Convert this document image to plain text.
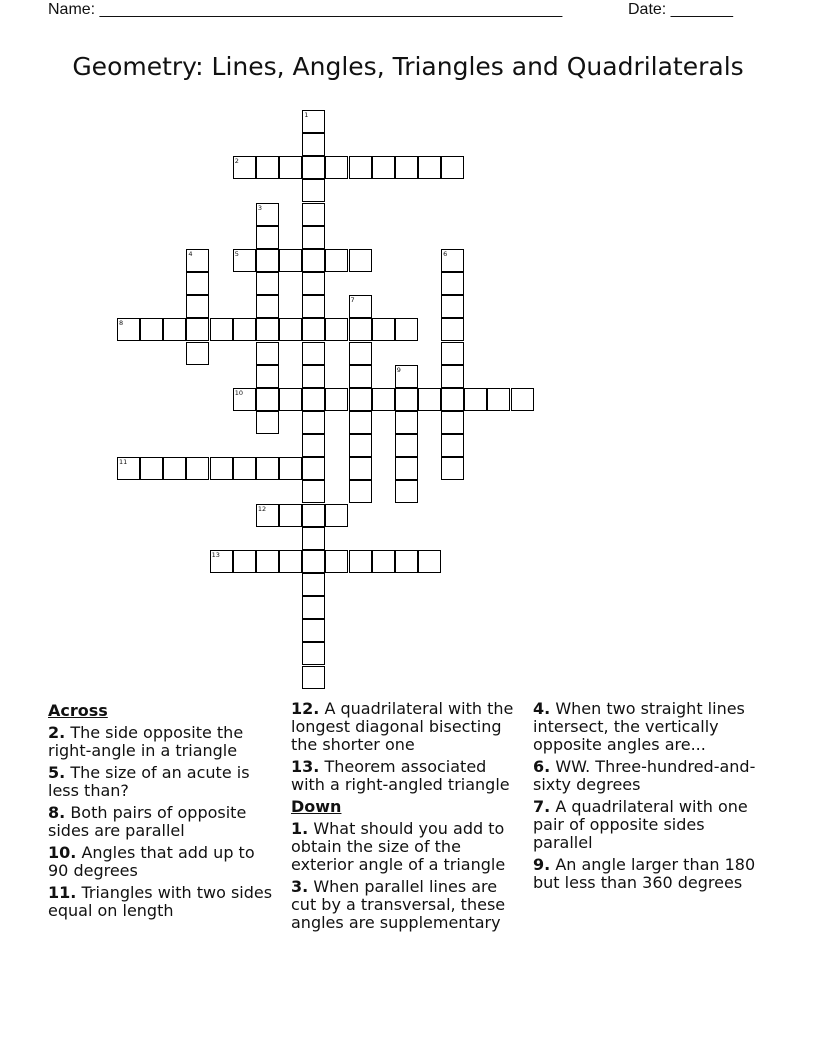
Name: ____________________________________________________	Date: _______
Geometry: Lines, Angles, Triangles and Quadrilaterals
1
2
3
4	5	6
7
8
9
10
11
12
13
Across
2. The side opposite the right-angle in a triangle
5. The size of an acute is less than?
8. Both pairs of opposite sides are parallel
10. Angles that add up to 90 degrees
11. Triangles with two sides equal on length
12. A quadrilateral with the longest diagonal bisecting the shorter one
13. Theorem associated with a right-angled triangle
Down
1. What should you add to obtain the size of the exterior angle of a triangle
3. When parallel lines are cut by a transversal, these angles are supplementary
4. When two straight lines intersect, the vertically opposite angles are...
6. WW. Three-hundred-and-sixty degrees
7. A quadrilateral with one pair of opposite sides parallel
9. An angle larger than 180 but less than 360 degrees
